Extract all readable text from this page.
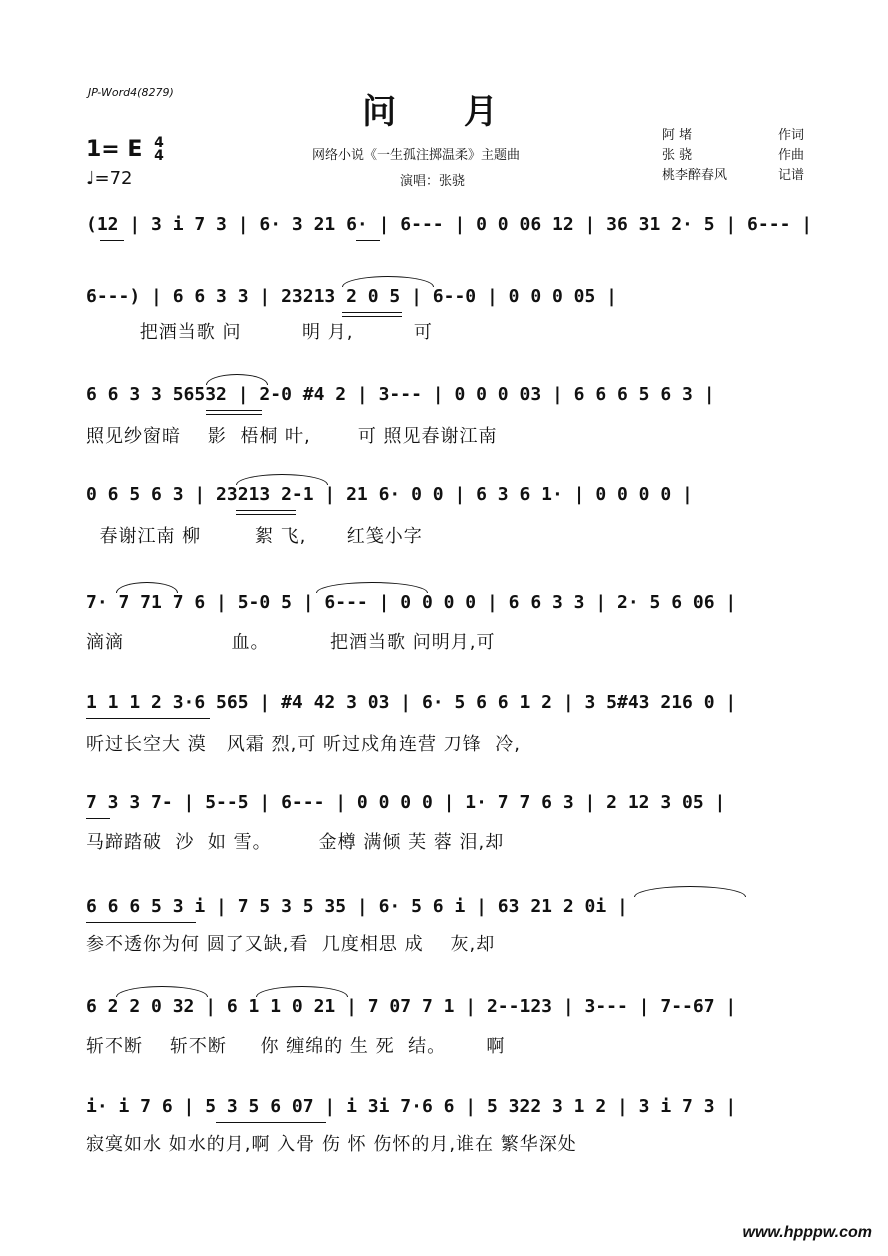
JP-Word4(8279)	问 月
1= E 4
4
♩=72
网络小说《一生孤注掷温柔》主题曲
演唱：张骁
阿 堵	作词
张 骁	作曲
桃李醉春风	记谱
(12 | 3 i 7 3 | 6· 3 21 6· | 6--- | 0 0 06 12 | 36 31 2· 5 | 6--- |
6---) | 6 6 3 3 | 23213 2 0 5 | 6--0 | 0 0 0 05 |
把酒当歌 问         明 月,         可
6 6 3 3 56532 | 2-0 #4 2 | 3--- | 0 0 0 03 | 6 6 6 5 6 3 |
照见纱窗暗    影  梧桐 叶,       可 照见春谢江南
0 6 5 6 3 | 23213 2-1 | 21 6· 0 0 | 6 3 6 1· | 0 0 0 0 |
春谢江南 柳        絮 飞,      红笺小字
7· 7 71 7 6 | 5-0 5 | 6--- | 0 0 0 0 | 6 6 3 3 | 2· 5 6 06 |
滴滴                血。         把酒当歌 问明月,可
1 1 1 2 3·6 565 | #4 42 3 03 | 6· 5 6 6 1 2 | 3 5#43 216 0 |
听过长空大 漠   风霜 烈,可 听过戍角连营 刀锋  冷,
7 3 3 7- | 5--5 | 6--- | 0 0 0 0 | 1· 7 7 6 3 | 2 12 3 05 |
马蹄踏破  沙  如 雪。       金樽 满倾 芙 蓉 泪,却
6 6 6 5 3 i | 7 5 3 5 35 | 6· 5 6 i | 63 21 2 0i |
参不透你为何 圆了又缺,看  几度相思 成    灰,却
6 2 2 0 32 | 6 1 1 0 21 | 7 07 7 1 | 2--123 | 3--- | 7--67 |
斩不断    斩不断     你 缠绵的 生 死  结。      啊
i· i 7 6 | 5 3 5 6 07 | i 3i 7·6 6 | 5 322 3 1 2 | 3 i 7 3 |
寂寞如水 如水的月,啊 入骨 伤 怀 伤怀的月,谁在 繁华深处
www.hpppw.com
